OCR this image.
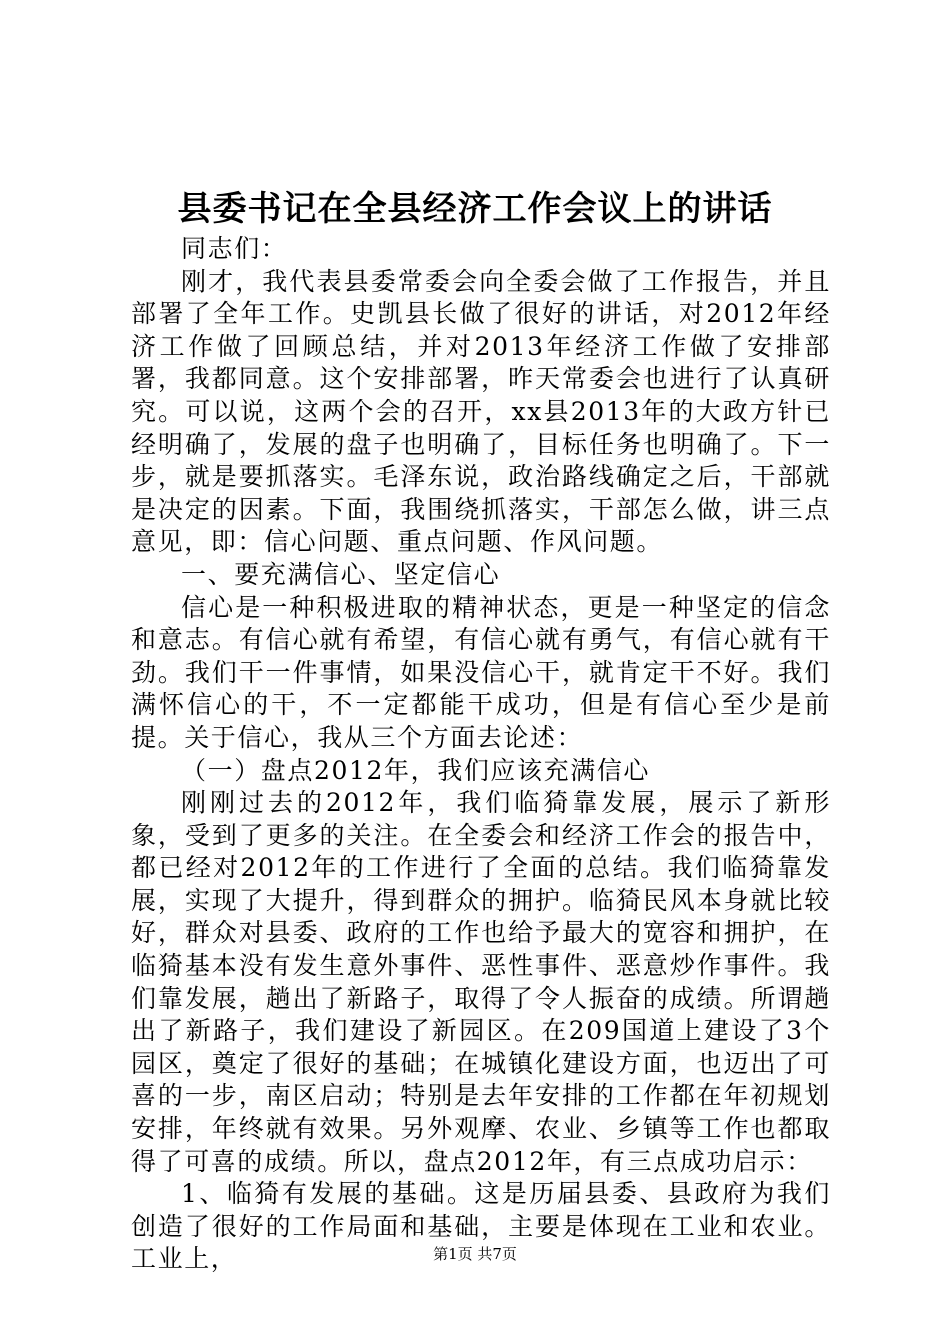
县委书记在全县经济工作会议上的讲话

同志们：

刚才，我代表县委常委会向全委会做了工作报告，并且部署了全年工作。史凯县长做了很好的讲话，对2012年经济工作做了回顾总结，并对2013年经济工作做了安排部署，我都同意。这个安排部署，昨天常委会也进行了认真研究。可以说，这两个会的召开，xx县2013年的大政方针已经明确了，发展的盘子也明确了，目标任务也明确了。下一步，就是要抓落实。毛泽东说，政治路线确定之后，干部就是决定的因素。下面，我围绕抓落实，干部怎么做，讲三点意见，即：信心问题、重点问题、作风问题。

一、要充满信心、坚定信心

信心是一种积极进取的精神状态，更是一种坚定的信念和意志。有信心就有希望，有信心就有勇气，有信心就有干劲。我们干一件事情，如果没信心干，就肯定干不好。我们满怀信心的干，不一定都能干成功，但是有信心至少是前提。关于信心，我从三个方面去论述：

（一）盘点2012年，我们应该充满信心

刚刚过去的2012年，我们临猗靠发展，展示了新形象，受到了更多的关注。在全委会和经济工作会的报告中，都已经对2012年的工作进行了全面的总结。我们临猗靠发展，实现了大提升，得到群众的拥护。临猗民风本身就比较好，群众对县委、政府的工作也给予最大的宽容和拥护，在临猗基本没有发生意外事件、恶性事件、恶意炒作事件。我们靠发展，趟出了新路子，取得了令人振奋的成绩。所谓趟出了新路子，我们建设了新园区。在209国道上建设了3个园区，奠定了很好的基础；在城镇化建设方面，也迈出了可喜的一步，南区启动；特别是去年安排的工作都在年初规划安排，年终就有效果。另外观摩、农业、乡镇等工作也都取得了可喜的成绩。所以，盘点2012年，有三点成功启示：

1、临猗有发展的基础。这是历届县委、县政府为我们创造了很好的工作局面和基础，主要是体现在工业和农业。工业上，	第1页 共7页
